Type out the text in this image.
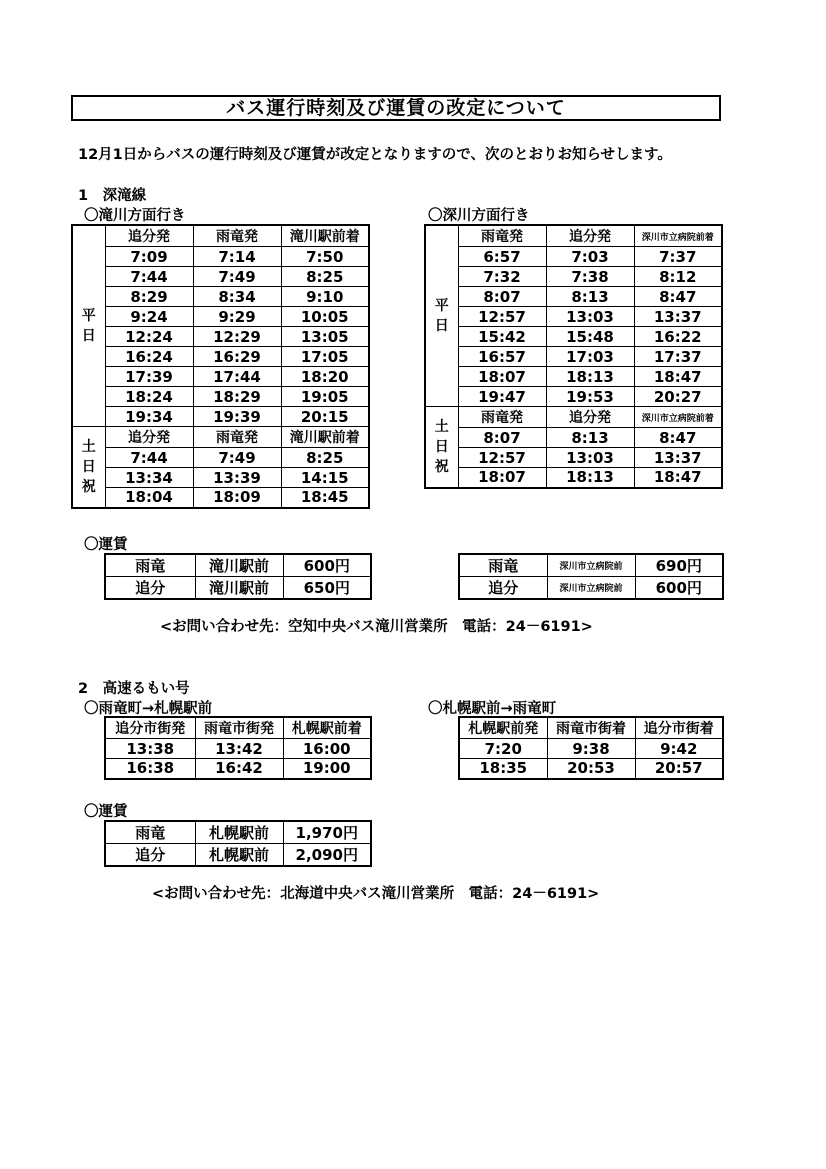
バス運行時刻及び運賃の改定について
12月1日からバスの運行時刻及び運賃が改定となりますので、次のとおりお知らせします。
1　深滝線
〇滝川方面行き	〇深川方面行き
平
日	追分発	雨竜発	滝川駅前着
	7:09	7:14	7:50
	7:44	7:49	8:25
	8:29	8:34	9:10
	9:24	9:29	10:05
	12:24	12:29	13:05
	16:24	16:29	17:05
	17:39	17:44	18:20
	18:24	18:29	19:05
	19:34	19:39	20:15

土
日
祝	追分発	雨竜発	滝川駅前着
	7:44	7:49	8:25
	13:34	13:39	14:15
	18:04	18:09	18:45
平
日	雨竜発	追分発	深川市立病院前着
	6:57	7:03	7:37
	7:32	7:38	8:12
	8:07	8:13	8:47
	12:57	13:03	13:37
	15:42	15:48	16:22
	16:57	17:03	17:37
	18:07	18:13	18:47
	19:47	19:53	20:27

土
日
祝	雨竜発	追分発	深川市立病院前着
	8:07	8:13	8:47
	12:57	13:03	13:37
	18:07	18:13	18:47
〇運賃
雨竜	滝川駅前	600円
追分	滝川駅前	650円
雨竜	深川市立病院前	690円
追分	深川市立病院前	600円
<お問い合わせ先：空知中央バス滝川営業所　電話：24－6191>
2　高速るもい号
〇雨竜町→札幌駅前	〇札幌駅前→雨竜町
追分市街発	雨竜市街発	札幌駅前着
13:38	13:42	16:00
16:38	16:42	19:00
札幌駅前発	雨竜市街着	追分市街着
7:20	9:38	9:42
18:35	20:53	20:57
〇運賃
雨竜	札幌駅前	1,970円
追分	札幌駅前	2,090円
<お問い合わせ先：北海道中央バス滝川営業所　電話：24－6191>
